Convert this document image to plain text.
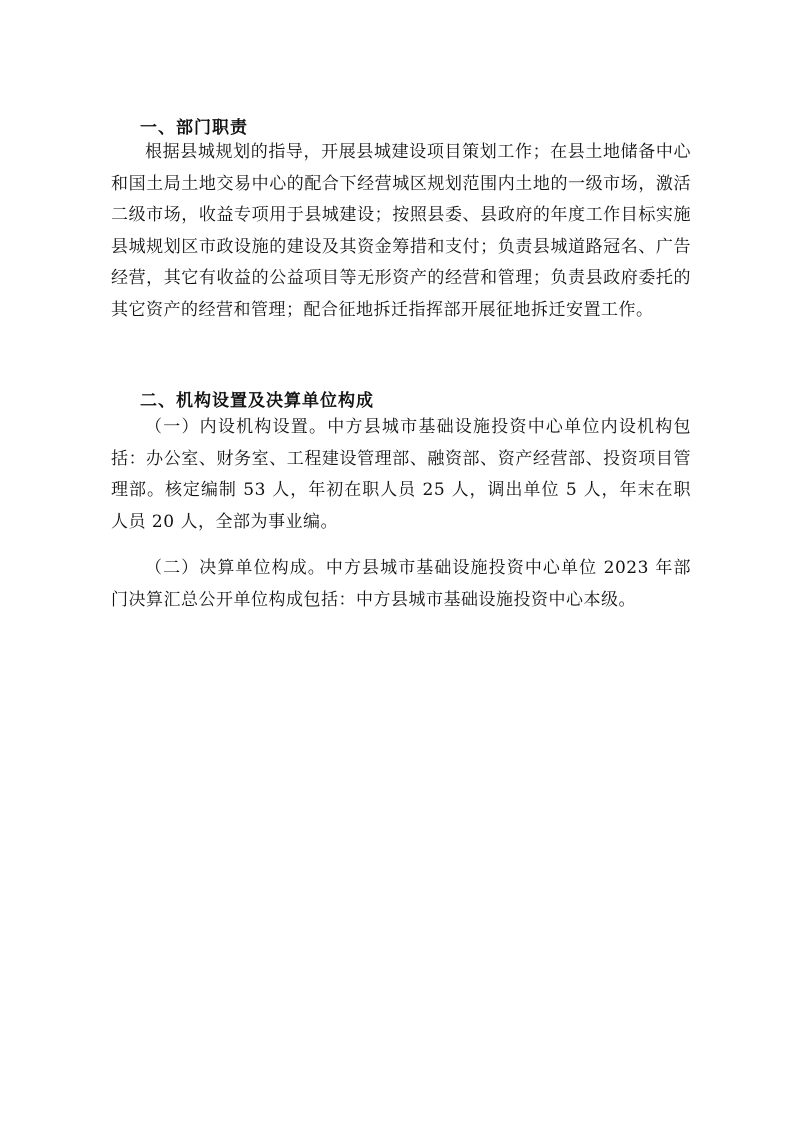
一、部门职责

根据县城规划的指导，开展县城建设项目策划工作；在县土地储备中心和国土局土地交易中心的配合下经营城区规划范围内土地的一级市场，激活二级市场，收益专项用于县城建设；按照县委、县政府的年度工作目标实施县城规划区市政设施的建设及其资金筹措和支付；负责县城道路冠名、广告经营，其它有收益的公益项目等无形资产的经营和管理；负责县政府委托的其它资产的经营和管理；配合征地拆迁指挥部开展征地拆迁安置工作。

二、机构设置及决算单位构成

（一）内设机构设置。中方县城市基础设施投资中心单位内设机构包括：办公室、财务室、工程建设管理部、融资部、资产经营部、投资项目管理部。核定编制 53 人，年初在职人员 25 人，调出单位 5 人，年末在职人员 20 人，全部为事业编。

（二）决算单位构成。中方县城市基础设施投资中心单位 2023 年部门决算汇总公开单位构成包括：中方县城市基础设施投资中心本级。
